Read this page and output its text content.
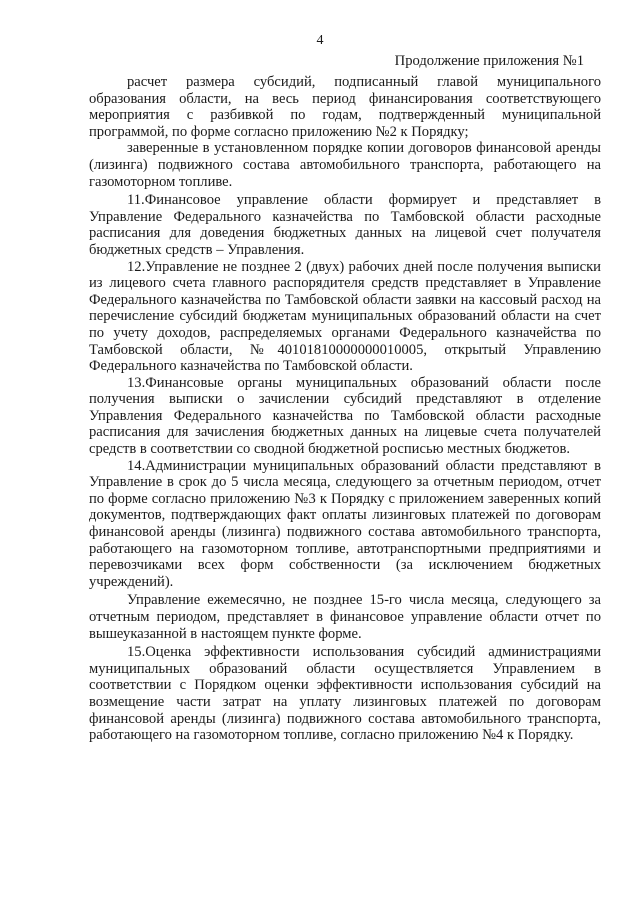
4
Продолжение приложения №1

расчет размера субсидий, подписанный главой муниципального образования области, на весь период финансирования соответствующего мероприятия с разбивкой по годам, подтвержденный муниципальной программой, по форме согласно приложению №2 к Порядку;

заверенные в установленном порядке копии договоров финансовой аренды (лизинга) подвижного состава автомобильного транспорта, работающего на газомоторном топливе.

11.Финансовое управление области формирует и представляет в Управление Федерального казначейства по Тамбовской области расходные расписания для доведения бюджетных данных на лицевой счет получателя бюджетных средств – Управления.

12.Управление не позднее 2 (двух) рабочих дней после получения выписки из лицевого счета главного распорядителя средств представляет в Управление Федерального казначейства по Тамбовской области заявки на кассовый расход на перечисление субсидий бюджетам муниципальных образований области на счет по учету доходов, распределяемых органами Федерального казначейства по Тамбовской области, №40101810000000010005, открытый Управлению Федерального казначейства по Тамбовской области.

13.Финансовые органы муниципальных образований области после получения выписки о зачислении субсидий представляют в отделение Управления Федерального казначейства по Тамбовской области расходные расписания для зачисления бюджетных данных на лицевые счета получателей средств в соответствии со сводной бюджетной росписью местных бюджетов.

14.Администрации муниципальных образований области представляют в Управление в срок до 5 числа месяца, следующего за отчетным периодом, отчет по форме согласно приложению №3 к Порядку с приложением заверенных копий документов, подтверждающих факт оплаты лизинговых платежей по договорам финансовой аренды (лизинга) подвижного состава автомобильного транспорта, работающего на газомоторном топливе, автотранспортными предприятиями и перевозчиками всех форм собственности (за исключением бюджетных учреждений).

Управление ежемесячно, не позднее 15-го числа месяца, следующего за отчетным периодом, представляет в финансовое управление области отчет по вышеуказанной в настоящем пункте форме.

15.Оценка эффективности использования субсидий администрациями муниципальных образований области осуществляется Управлением в соответствии с Порядком оценки эффективности использования субсидий на возмещение части затрат на уплату лизинговых платежей по договорам финансовой аренды (лизинга) подвижного состава автомобильного транспорта, работающего на газомоторном топливе, согласно приложению №4 к Порядку.
